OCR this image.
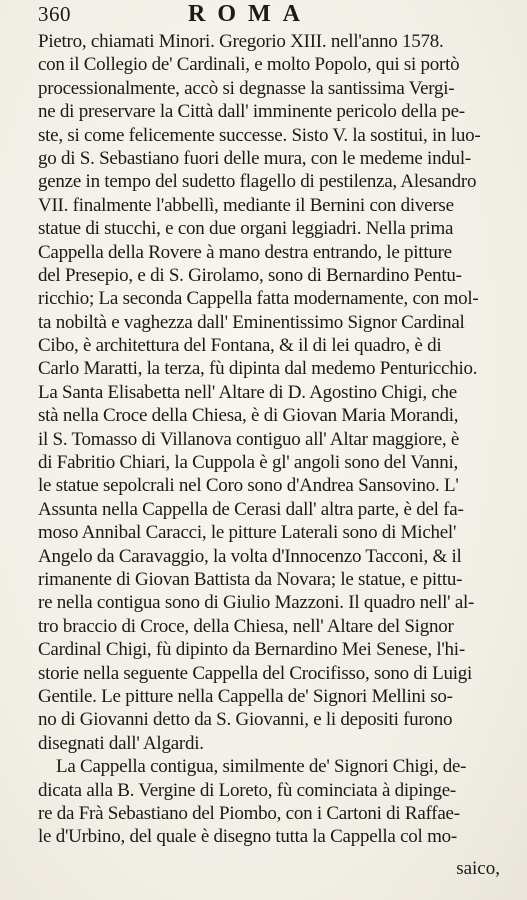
360	ROMA
Pietro, chiamati Minori. Gregorio XIII. nell'anno 1578.
con il Collegio de' Cardinali, e molto Popolo, qui si portò
processionalmente, accò si degnasse la santissima Vergi-
ne di preservare la Città dall' imminente pericolo della pe-
ste, si come felicemente successe. Sisto V. la sostitui, in luo-
go di S. Sebastiano fuori delle mura, con le medeme indul-
genze in tempo del sudetto flagello di pestilenza, Alesandro
VII. finalmente l'abbellì, mediante il Bernini con diverse
statue di stucchi, e con due organi leggiadri. Nella prima
Cappella della Rovere à mano destra entrando, le pitture
del Presepio, e di S. Girolamo, sono di Bernardino Pentu-
ricchio; La seconda Cappella fatta modernamente, con mol-
ta nobiltà e vaghezza dall' Eminentissimo Signor Cardinal
Cibo, è architettura del Fontana, & il di lei quadro, è di
Carlo Maratti, la terza, fù dipinta dal medemo Penturicchio.
La Santa Elisabetta nell' Altare di D. Agostino Chigi, che
stà nella Croce della Chiesa, è di Giovan Maria Morandi,
il S. Tomasso di Villanova contiguo all' Altar maggiore, è
di Fabritio Chiari, la Cuppola è gl' angoli sono del Vanni,
le statue sepolcrali nel Coro sono d'Andrea Sansovino. L'
Assunta nella Cappella de Cerasi dall' altra parte, è del fa-
moso Annibal Caracci, le pitture Laterali sono di Michel'
Angelo da Caravaggio, la volta d'Innocenzo Tacconi, & il
rimanente di Giovan Battista da Novara; le statue, e pittu-
re nella contigua sono di Giulio Mazzoni. Il quadro nell' al-
tro braccio di Croce, della Chiesa, nell' Altare del Signor
Cardinal Chigi, fù dipinto da Bernardino Mei Senese, l'hi-
storie nella seguente Cappella del Crocifisso, sono di Luigi
Gentile. Le pitture nella Cappella de' Signori Mellini so-
no di Giovanni detto da S. Giovanni, e li depositi furono
disegnati dall' Algardi.
La Cappella contigua, similmente de' Signori Chigi, de-
dicata alla B. Vergine di Loreto, fù cominciata à dipinge-
re da Frà Sebastiano del Piombo, con i Cartoni di Raffae-
le d'Urbino, del quale è disegno tutta la Cappella col mo-
saico,
